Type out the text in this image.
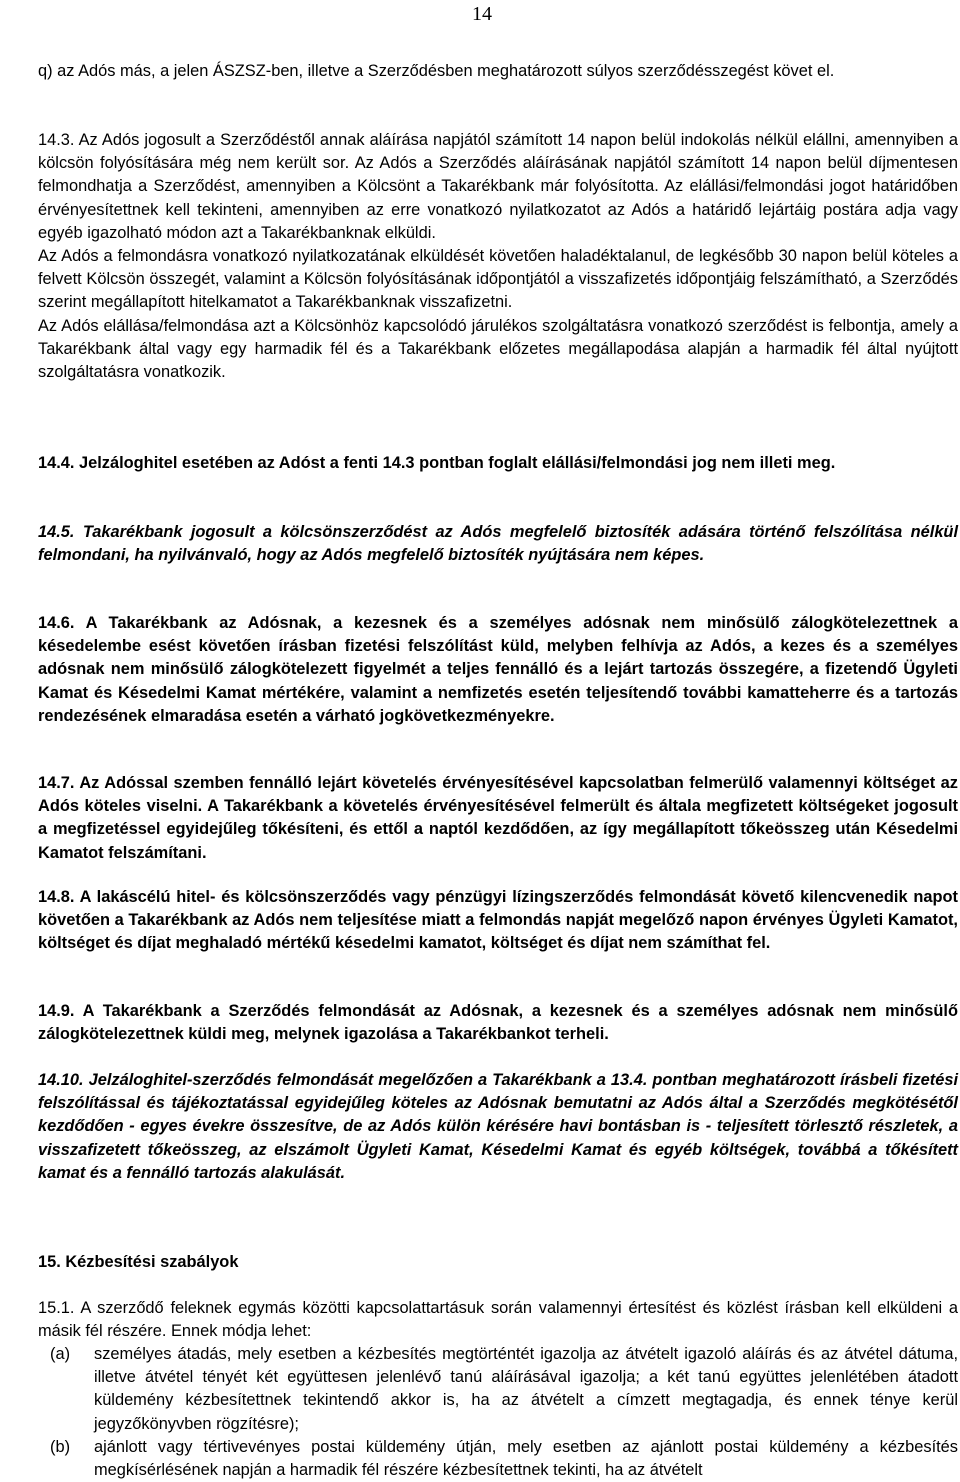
14

q) az Adós más, a jelen ÁSZSZ-ben, illetve a Szerződésben meghatározott súlyos szerződésszegést követ el.

14.3. Az Adós jogosult a Szerződéstől annak aláírása napjától számított 14 napon belül indokolás nélkül elállni, amennyiben a kölcsön folyósítására még nem került sor. Az Adós a Szerződés aláírásának napjától számított 14 napon belül díjmentesen felmondhatja a Szerződést, amennyiben a Kölcsönt a Takarékbank már folyósította. Az elállási/felmondási jogot határidőben érvényesítettnek kell tekinteni, amennyiben az erre vonatkozó nyilatkozatot az Adós a határidő lejártáig postára adja vagy egyéb igazolható módon azt a Takarékbanknak elküldi.

Az Adós a felmondásra vonatkozó nyilatkozatának elküldését követően haladéktalanul, de legkésőbb 30 napon belül köteles a felvett Kölcsön összegét, valamint a Kölcsön folyósításának időpontjától a visszafizetés időpontjáig felszámítható, a Szerződés szerint megállapított hitelkamatot a Takarékbanknak visszafizetni.

Az Adós elállása/felmondása azt a Kölcsönhöz kapcsolódó járulékos szolgáltatásra vonatkozó szerződést is felbontja, amely a Takarékbank által vagy egy harmadik fél és a Takarékbank előzetes megállapodása alapján a harmadik fél által nyújtott szolgáltatásra vonatkozik.

14.4. Jelzáloghitel esetében az Adóst a fenti 14.3 pontban foglalt elállási/felmondási jog nem illeti meg.

14.5. Takarékbank jogosult a kölcsönszerződést az Adós megfelelő biztosíték adására történő felszólítása nélkül felmondani, ha nyilvánvaló, hogy az Adós megfelelő biztosíték nyújtására nem képes.

14.6. A Takarékbank az Adósnak, a kezesnek és a személyes adósnak nem minősülő zálogkötelezettnek a késedelembe esést követően írásban fizetési felszólítást küld, melyben felhívja az Adós, a kezes és a személyes adósnak nem minősülő zálogkötelezett figyelmét a teljes fennálló és a lejárt tartozás összegére, a fizetendő Ügyleti Kamat és Késedelmi Kamat mértékére, valamint a nemfizetés esetén teljesítendő további kamatteherre és a tartozás rendezésének elmaradása esetén a várható jogkövetkezményekre.

14.7. Az Adóssal szemben fennálló lejárt követelés érvényesítésével kapcsolatban felmerülő valamennyi költséget az Adós köteles viselni. A Takarékbank a követelés érvényesítésével felmerült és általa megfizetett költségeket jogosult a megfizetéssel egyidejűleg tőkésíteni, és ettől a naptól kezdődően, az így megállapított tőkeösszeg után Késedelmi Kamatot felszámítani.

14.8. A lakáscélú hitel- és kölcsönszerződés vagy pénzügyi lízingszerződés felmondását követő kilencvenedik napot követően a Takarékbank az Adós nem teljesítése miatt a felmondás napját megelőző napon érvényes Ügyleti Kamatot, költséget és díjat meghaladó mértékű késedelmi kamatot, költséget és díjat nem számíthat fel.

14.9. A Takarékbank a Szerződés felmondását az Adósnak, a kezesnek és a személyes adósnak nem minősülő zálogkötelezettnek küldi meg, melynek igazolása a Takarékbankot terheli.

14.10. Jelzáloghitel-szerződés felmondását megelőzően a Takarékbank a 13.4. pontban meghatározott írásbeli fizetési felszólítással és tájékoztatással egyidejűleg köteles az Adósnak bemutatni az Adós által a Szerződés megkötésétől kezdődően - egyes évekre összesítve, de az Adós külön kérésére havi bontásban is - teljesített törlesztő részletek, a visszafizetett tőkeösszeg, az elszámolt Ügyleti Kamat, Késedelmi Kamat és egyéb költségek, továbbá a tőkésített kamat és a fennálló tartozás alakulását.

15. Kézbesítési szabályok

15.1. A szerződő feleknek egymás közötti kapcsolattartásuk során valamennyi értesítést és közlést írásban kell elküldeni a másik fél részére. Ennek módja lehet:

(a)	személyes átadás, mely esetben a kézbesítés megtörténtét igazolja az átvételt igazoló aláírás és az átvétel dátuma, illetve átvétel tényét két együttesen jelenlévő tanú aláírásával igazolja; a két tanú együttes jelenlétében átadott küldemény kézbesítettnek tekintendő akkor is, ha az átvételt a címzett megtagadja, és ennek ténye kerül jegyzőkönyvben rögzítésre);
(b)	ajánlott vagy tértivevényes postai küldemény útján, mely esetben az ajánlott postai küldemény a kézbesítés megkísérlésének napján a harmadik fél részére kézbesítettnek tekinti, ha az átvételt
